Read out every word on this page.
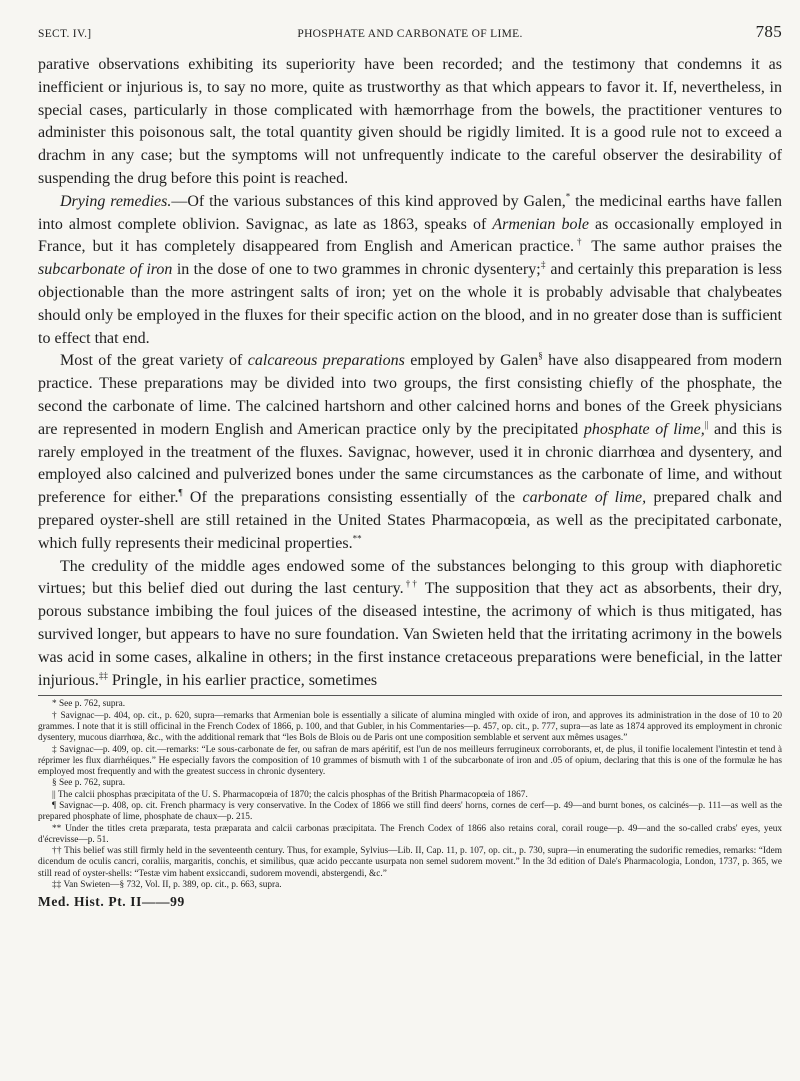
SECT. IV.]	PHOSPHATE AND CARBONATE OF LIME.	785

parative observations exhibiting its superiority have been recorded; and the testimony that condemns it as inefficient or injurious is, to say no more, quite as trustworthy as that which appears to favor it. If, nevertheless, in special cases, particularly in those complicated with hæmorrhage from the bowels, the practitioner ventures to administer this poisonous salt, the total quantity given should be rigidly limited. It is a good rule not to exceed a drachm in any case; but the symptoms will not unfrequently indicate to the careful observer the desirability of suspending the drug before this point is reached.

Drying remedies.—Of the various substances of this kind approved by Galen,* the medicinal earths have fallen into almost complete oblivion. Savignac, as late as 1863, speaks of Armenian bole as occasionally employed in France, but it has completely disappeared from English and American practice.† The same author praises the subcarbonate of iron in the dose of one to two grammes in chronic dysentery;‡ and certainly this preparation is less objectionable than the more astringent salts of iron; yet on the whole it is probably advisable that chalybeates should only be employed in the fluxes for their specific action on the blood, and in no greater dose than is sufficient to effect that end.

Most of the great variety of calcareous preparations employed by Galen§ have also disappeared from modern practice. These preparations may be divided into two groups, the first consisting chiefly of the phosphate, the second the carbonate of lime. The calcined hartshorn and other calcined horns and bones of the Greek physicians are represented in modern English and American practice only by the precipitated phosphate of lime,|| and this is rarely employed in the treatment of the fluxes. Savignac, however, used it in chronic diarrhœa and dysentery, and employed also calcined and pulverized bones under the same circumstances as the carbonate of lime, and without preference for either.¶ Of the preparations consisting essentially of the carbonate of lime, prepared chalk and prepared oyster-shell are still retained in the United States Pharmacopœia, as well as the precipitated carbonate, which fully represents their medicinal properties.**

The credulity of the middle ages endowed some of the substances belonging to this group with diaphoretic virtues; but this belief died out during the last century.†† The supposition that they act as absorbents, their dry, porous substance imbibing the foul juices of the diseased intestine, the acrimony of which is thus mitigated, has survived longer, but appears to have no sure foundation. Van Swieten held that the irritating acrimony in the bowels was acid in some cases, alkaline in others; in the first instance cretaceous preparations were beneficial, in the latter injurious.‡‡ Pringle, in his earlier practice, sometimes

* See p. 762, supra.

† Savignac—p. 404, op. cit., p. 620, supra—remarks that Armenian bole is essentially a silicate of alumina mingled with oxide of iron, and approves its administration in the dose of 10 to 20 grammes. I note that it is still officinal in the French Codex of 1866, p. 100, and that Gubler, in his Commentaries—p. 457, op. cit., p. 777, supra—as late as 1874 approved its employment in chronic dysentery, mucous diarrhœa, &c., with the additional remark that “les Bols de Blois ou de Paris ont une composition semblable et servent aux mêmes usages.”

‡ Savignac—p. 409, op. cit.—remarks: “Le sous-carbonate de fer, ou safran de mars apéritif, est l'un de nos meilleurs ferrugineux corroborants, et, de plus, il tonifie localement l'intestin et tend à réprimer les flux diarrhéiques.” He especially favors the composition of 10 grammes of bismuth with 1 of the subcarbonate of iron and .05 of opium, declaring that this is one of the formulæ he has employed most frequently and with the greatest success in chronic dysentery.

§ See p. 762, supra.

|| The calcii phosphas præcipitata of the U. S. Pharmacopœia of 1870; the calcis phosphas of the British Pharmacopœia of 1867.

¶ Savignac—p. 408, op. cit. French pharmacy is very conservative. In the Codex of 1866 we still find deers' horns, cornes de cerf—p. 49—and burnt bones, os calcinés—p. 111—as well as the prepared phosphate of lime, phosphate de chaux—p. 215.

** Under the titles creta præparata, testa præparata and calcii carbonas præcipitata. The French Codex of 1866 also retains coral, corail rouge—p. 49—and the so-called crabs' eyes, yeux d'écrevisse—p. 51.

†† This belief was still firmly held in the seventeenth century. Thus, for example, Sylvius—Lib. II, Cap. 11, p. 107, op. cit., p. 730, supra—in enumerating the sudorific remedies, remarks: “Idem dicendum de oculis cancri, coraliis, margaritis, conchis, et similibus, quæ acido peccante usurpata non semel sudorem movent.” In the 3d edition of Dale's Pharmacologia, London, 1737, p. 365, we still read of oyster-shells: “Testæ vim habent exsiccandi, sudorem movendi, abstergendi, &c.”

‡‡ Van Swieten—§ 732, Vol. II, p. 389, op. cit., p. 663, supra.

Med. Hist. Pt. II——99
